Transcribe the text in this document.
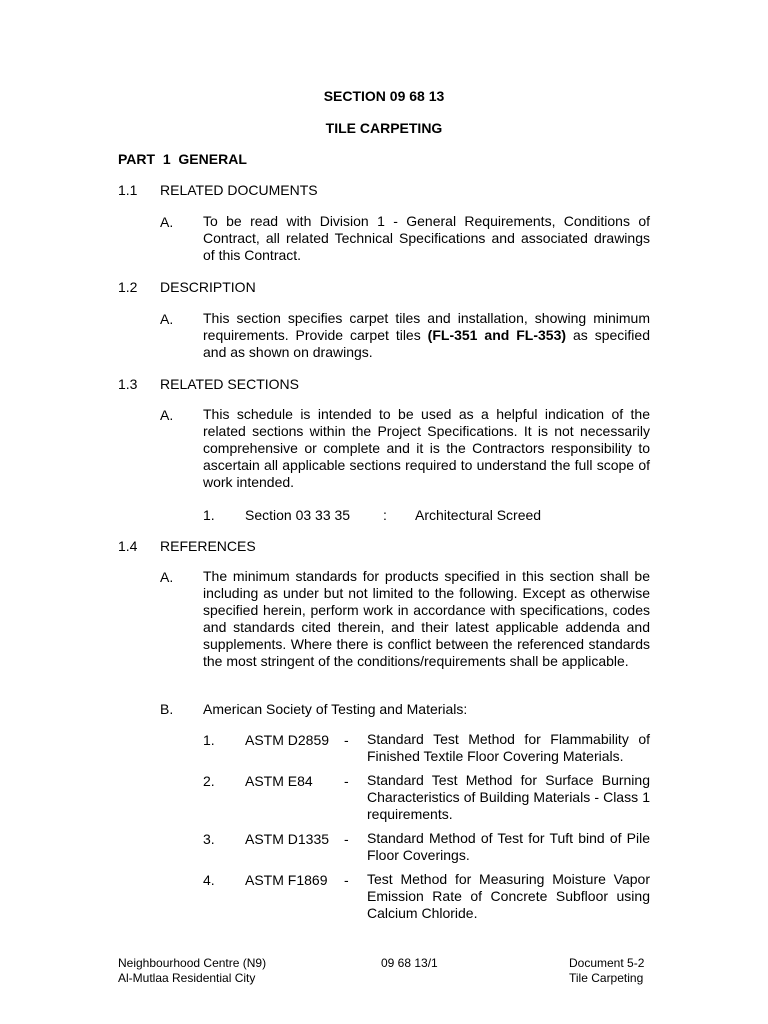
SECTION 09 68 13
TILE CARPETING
PART  1  GENERAL
1.1 RELATED DOCUMENTS
A. To be read with Division 1 - General Requirements, Conditions of Contract, all related Technical Specifications and associated drawings of this Contract.
1.2 DESCRIPTION
A. This section specifies carpet tiles and installation, showing minimum requirements. Provide carpet tiles (FL-351 and FL-353) as specified and as shown on drawings.
1.3 RELATED SECTIONS
A. This schedule is intended to be used as a helpful indication of the related sections within the Project Specifications. It is not necessarily comprehensive or complete and it is the Contractors responsibility to ascertain all applicable sections required to understand the full scope of work intended.
1. Section 03 33 35 : Architectural Screed
1.4 REFERENCES
A. The minimum standards for products specified in this section shall be including as under but not limited to the following. Except as otherwise specified herein, perform work in accordance with specifications, codes and standards cited therein, and their latest applicable addenda and supplements. Where there is conflict between the referenced standards the most stringent of the conditions/requirements shall be applicable.
B. American Society of Testing and Materials:
1. ASTM D2859 - Standard Test Method for Flammability of Finished Textile Floor Covering Materials.
2. ASTM E84 - Standard Test Method for Surface Burning Characteristics of Building Materials - Class 1 requirements.
3. ASTM D1335 - Standard Method of Test for Tuft bind of Pile Floor Coverings.
4. ASTM F1869 - Test Method for Measuring Moisture Vapor Emission Rate of Concrete Subfloor using Calcium Chloride.
Neighbourhood Centre (N9)
Al-Mutlaa Residential City
09 68 13/1	Document 5-2
Tile Carpeting
